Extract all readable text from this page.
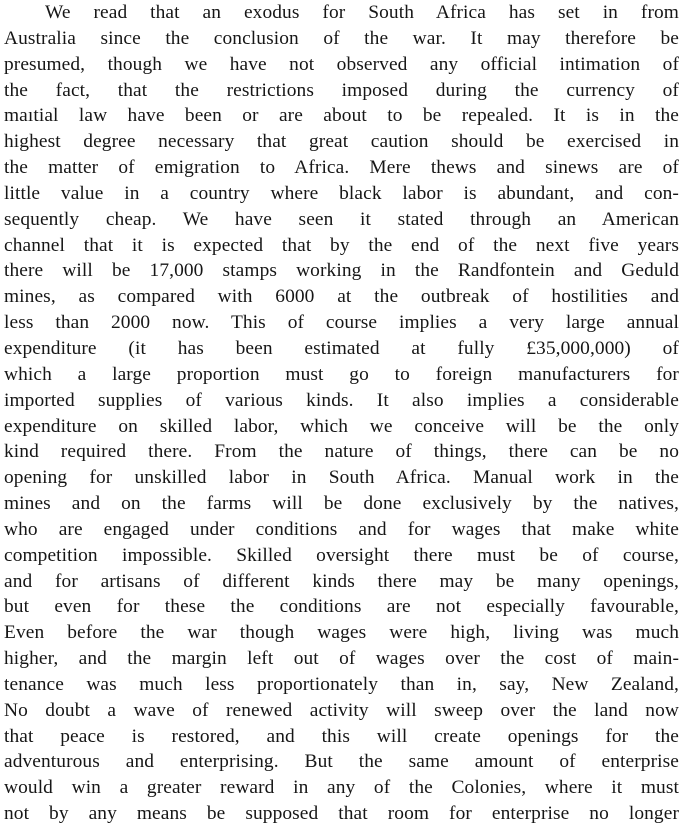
We read that an exodus for South Africa has set in from
Australia since the conclusion of the war. It may therefore be
presumed, though we have not observed any official intimation of
the fact, that the restrictions imposed during the currency of
maıtial law have been or are about to be repealed. It is in the
highest degree necessary that great caution should be exercised in
the matter of emigration to Africa. Mere thews and sinews are of
little value in a country where black labor is abundant, and con-
sequently cheap. We have seen it stated through an American
channel that it is expected that by the end of the next five years
there will be 17,000 stamps working in the Randfontein and Geduld
mines, as compared with 6000 at the outbreak of hostilities and
less than 2000 now. This of course implies a very large annual
expenditure (it has been estimated at fully £35,000,000) of
which a large proportion must go to foreign manufacturers for
imported supplies of various kinds. It also implies a considerable
expenditure on skilled labor, which we conceive will be the only
kind required there. From the nature of things, there can be no
opening for unskilled labor in South Africa. Manual work in the
mines and on the farms will be done exclusively by the natives,
who are engaged under conditions and for wages that make white
competition impossible. Skilled oversight there must be of course,
and for artisans of different kinds there may be many openings,
but even for these the conditions are not especially favourable,
Even before the war though wages were high, living was much
higher, and the margin left out of wages over the cost of main-
tenance was much less proportionately than in, say, New Zealand,
No doubt a wave of renewed activity will sweep over the land now
that peace is restored, and this will create openings for the
adventurous and enterprising. But the same amount of enterprise
would win a greater reward in any of the Colonies, where it must
not by any means be supposed that room for enterprise no longer
